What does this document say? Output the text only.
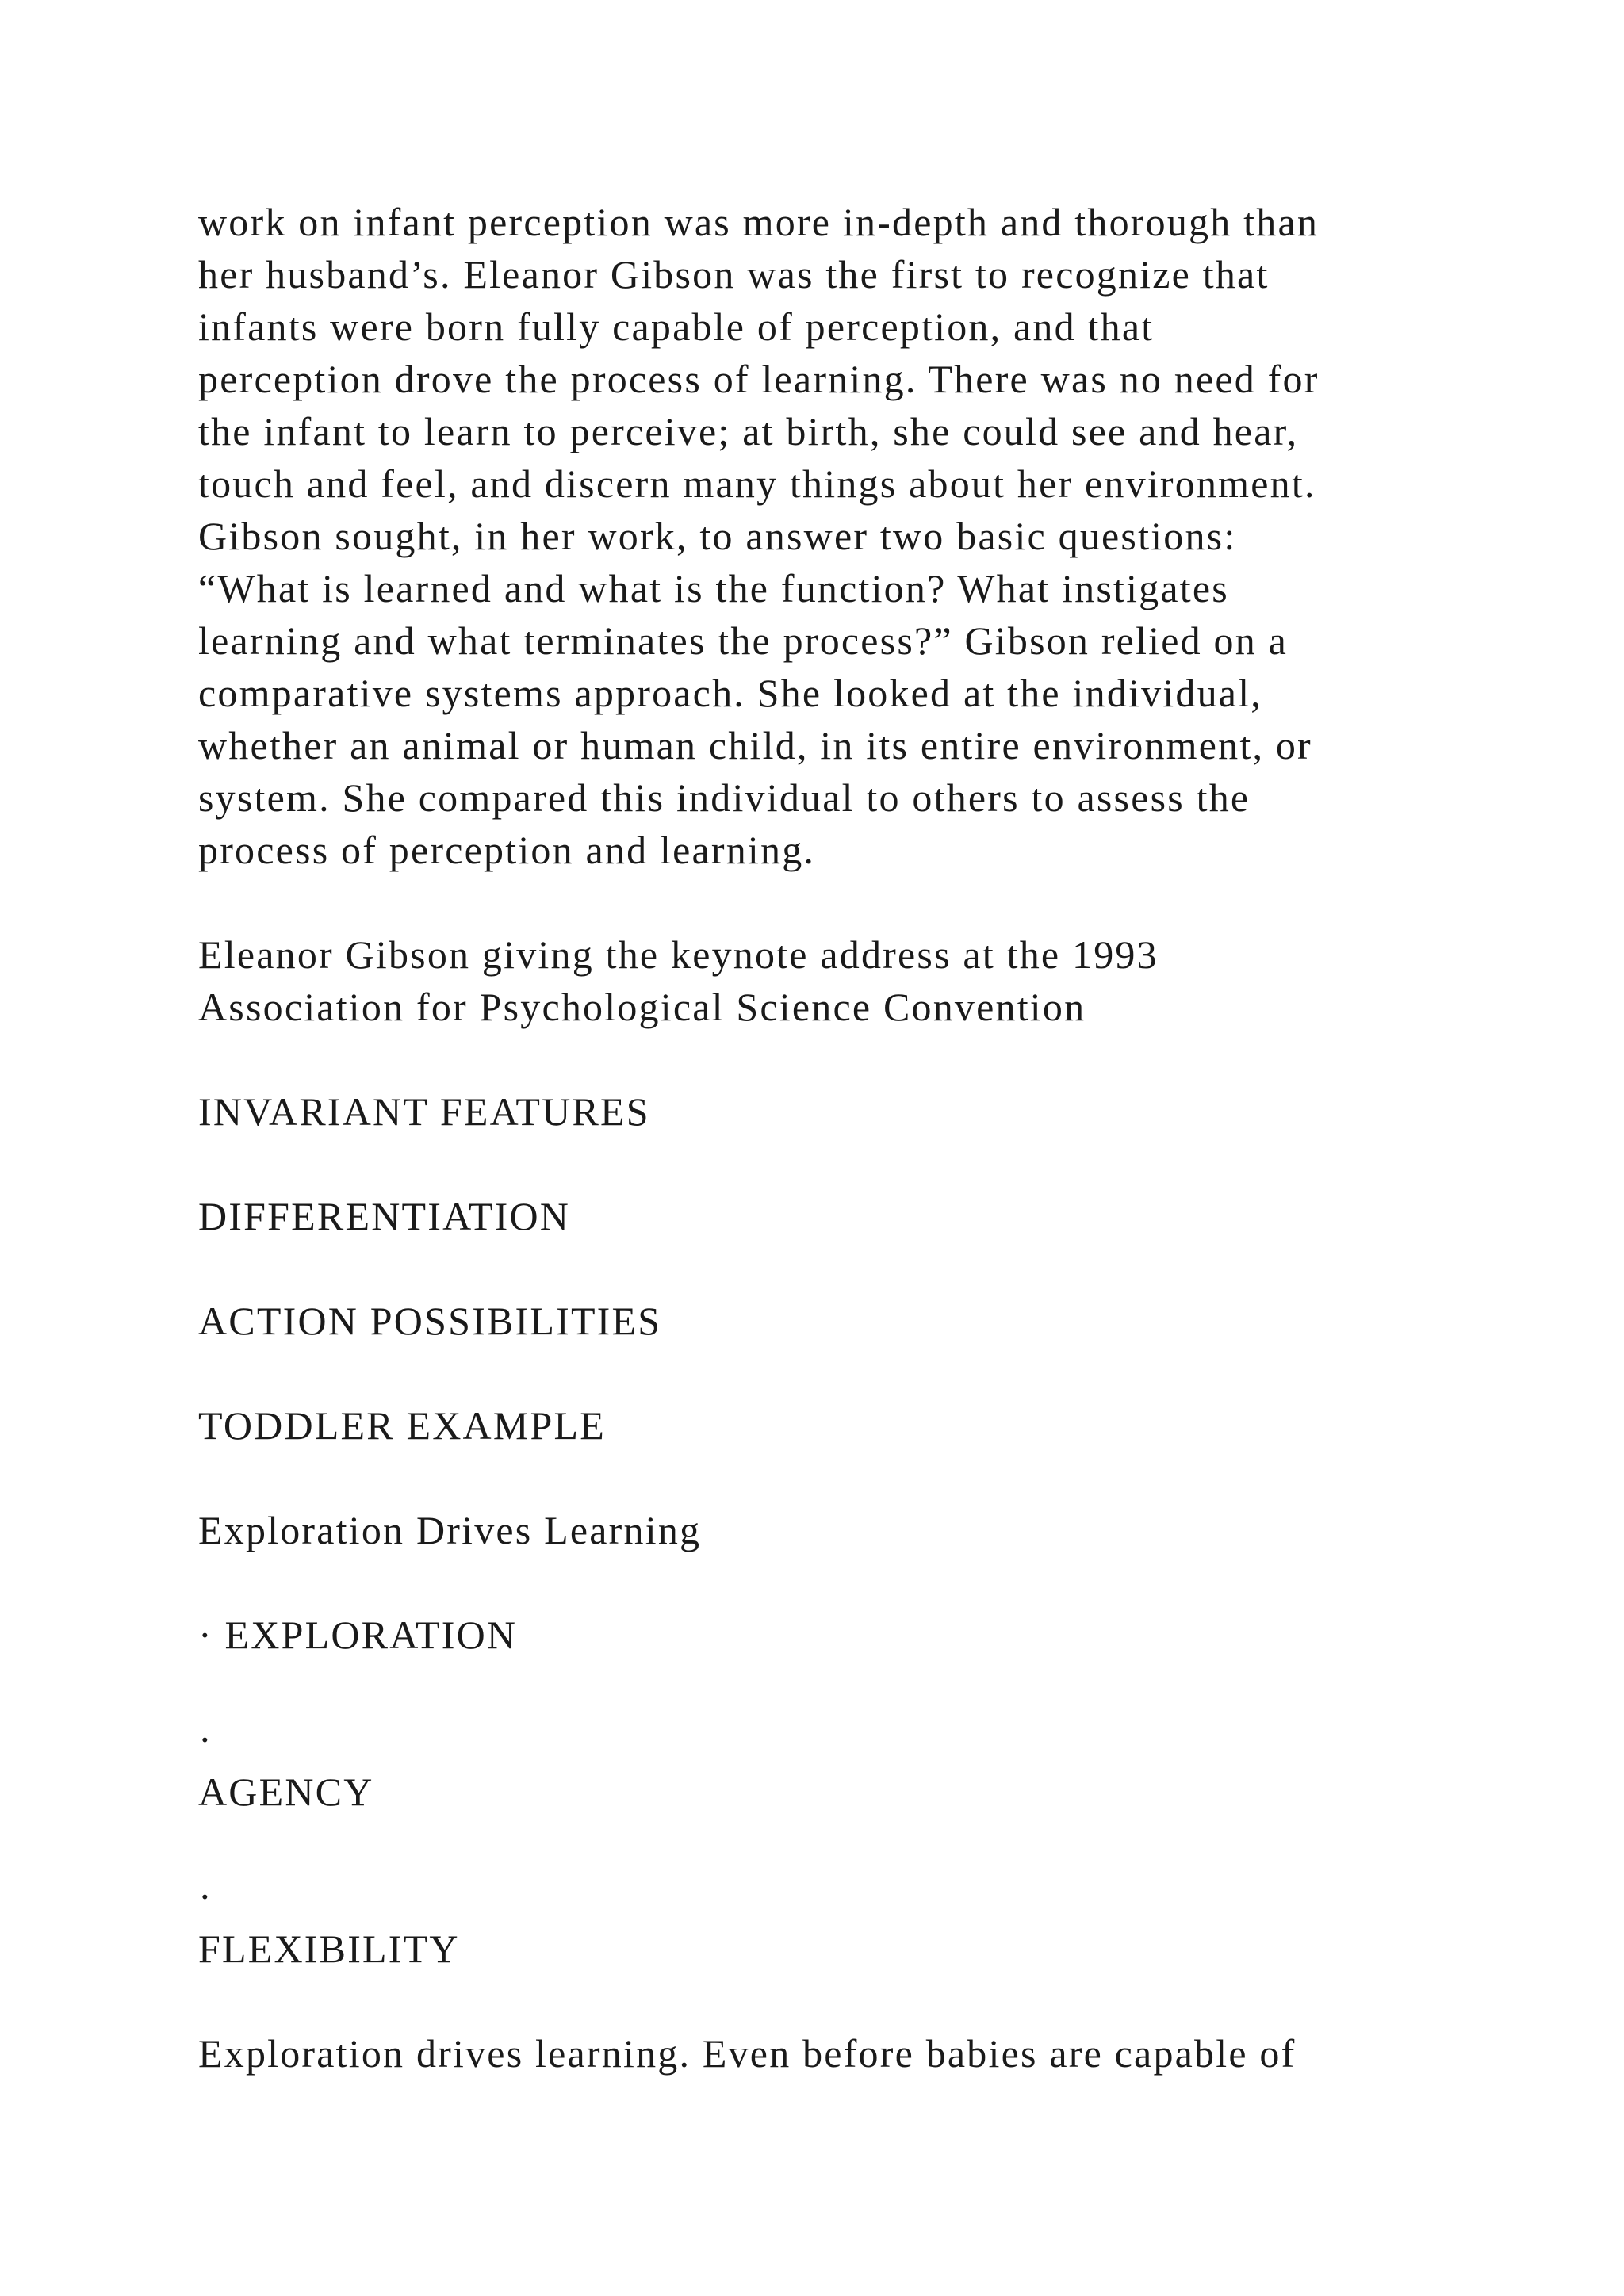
work on infant perception was more in-depth and thorough than
her husband’s. Eleanor Gibson was the first to recognize that
infants were born fully capable of perception, and that
perception drove the process of learning. There was no need for
the infant to learn to perceive; at birth, she could see and hear,
touch and feel, and discern many things about her environment.
Gibson sought, in her work, to answer two basic questions:
“What is learned and what is the function? What instigates
learning and what terminates the process?” Gibson relied on a
comparative systems approach. She looked at the individual,
whether an animal or human child, in its entire environment, or
system. She compared this individual to others to assess the
process of perception and learning.
Eleanor Gibson giving the keynote address at the 1993
Association for Psychological Science Convention
INVARIANT FEATURES
DIFFERENTIATION
ACTION POSSIBILITIES
TODDLER EXAMPLE
Exploration Drives Learning
· EXPLORATION
·
AGENCY
·
FLEXIBILITY
Exploration drives learning. Even before babies are capable of
